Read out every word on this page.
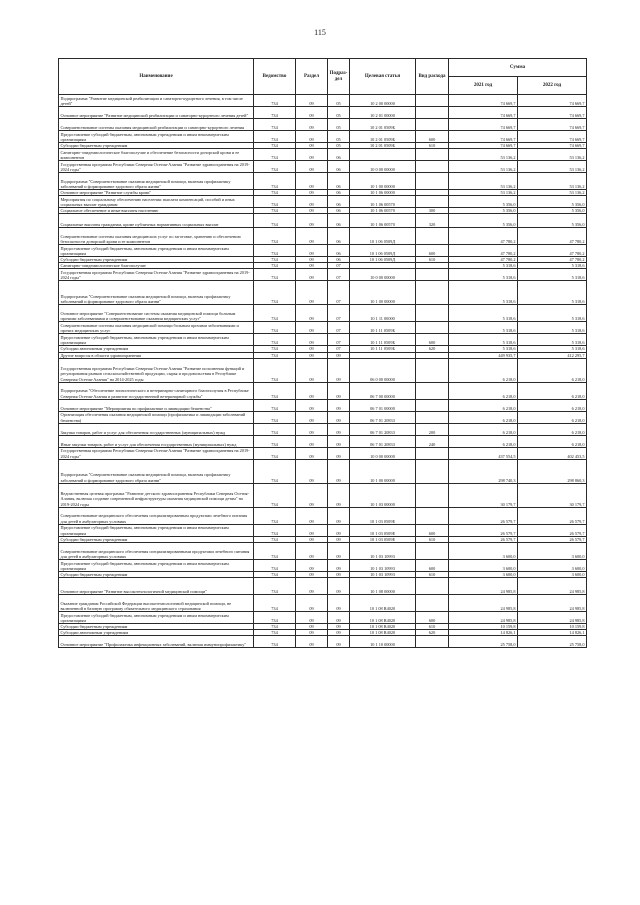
115
Наименование	Ведомство	Раздел	Подраз-дел	Целевая статья	Вид расхода	Сумма	
						2021 год	2022 год
Подпрограмма "Развитие медицинской реабилитации и санаторно-курортного лечения, в том числе детей"	734	09	05	10 2 00 00000		74 669,7	74 669,7
Основное мероприятие "Развитие медицинской реабилитации и санаторно-курортного лечения детей"	734	09	05	10 2 01 00000		74 669,7	74 669,7
Совершенствование системы оказания медицинской реабилитации и санаторно-курортного лечения	734	09	05	10 2 01 0509Б		74 669,7	74 669,7
Предоставление субсидий бюджетным, автономным учреждениям и иным некоммерческим организациям	734	09	05	10 2 01 0509Б	600	74 669,7	74 669,7
Субсидии бюджетным учреждениям	734	09	05	10 2 01 0509Б	610	74 669,7	74 669,7
Санитарно-эпидемиологическое благополучие и обеспечение безопасности донорской крови и ее компонентов	734	09	06			53 136,2	53 136,2
Государственная программа Республики Северная Осетия-Алания "Развитие здравоохранения на 2019-2024 годы"	734	09	06	10 0 00 00000		53 136,2	53 136,2
Подпрограмма "Совершенствование оказания медицинской помощи, включая профилактику заболеваний и формирование здорового образа жизни"	734	09	06	10 1 00 00000		53 136,2	53 136,2
Основное мероприятие "Развитие службы крови"	734	09	06	10 1 06 00000		53 136,2	53 136,2
Мероприятия по социальному обеспечению населения: выплата компенсаций, пособий и иных социальных выплат гражданам	734	09	06	10 1 06 00570		5 356,0	5 356,0
Социальное обеспечение и иные выплаты населению	734	09	06	10 1 06 00570	300	5 356,0	5 356,0
Социальные выплаты гражданам, кроме публичных нормативных социальных выплат	734	09	06	10 1 06 00570	320	5 356,0	5 356,0
Совершенствование системы оказания медицинских услуг по заготовке, хранению и обеспечению безопасности донорской крови и ее компонентов	734	09	06	10 1 06 0509Д		47 780,2	47 780,2
Предоставление субсидий бюджетным, автономным учреждениям и иным некоммерческим организациям	734	09	06	10 1 06 0509Д	600	47 780,2	47 780,2
Субсидии бюджетным учреждениям	734	09	06	10 1 06 0509Д	610	47 780,2	47 780,2
Санитарно-эпидемиологическое благополучие	734	09	07			5 318,6	5 318,6
Государственная программа Республики Северная Осетия-Алания "Развитие здравоохранения на 2019-2024 годы"	734	09	07	10 0 00 00000		5 318,6	5 318,6
Подпрограмма "Совершенствование оказания медицинской помощи, включая профилактику заболеваний и формирование здорового образа жизни"	734	09	07	10 1 00 00000		5 318,6	5 318,6
Основное мероприятие "Совершенствование системы оказания медицинской помощи больным прочими заболеваниями и совершенствование оказания медицинских услуг"	734	09	07	10 1 11 00000		5 318,6	5 318,6
Совершенствование системы оказания медицинской помощи больным прочими заболеваниями и прочих медицинских услуг	734	09	07	10 1 11 0509Б		5 318,6	5 318,6
Предоставление субсидий бюджетным, автономным учреждениям и иным некоммерческим организациям	734	09	07	10 1 11 0509Б	600	5 318,6	5 318,6
Субсидии автономным учреждениям	734	09	07	10 1 11 0509Б	620	5 318,6	5 318,6
Другие вопросы в области здравоохранения	734	09	09			449 935,7	412 295,7
Государственная программа Республики Северная Осетия-Алания "Развитие исполнения функций и регулирования рынков сельскохозяйственной продукции, сырья и продовольствия в Республике Северная Осетия-Алания" на 2014-2025 годы	734	09	09	06 0 00 00000		6 218,0	6 218,0
Подпрограмма "Обеспечение эпизоотического и ветеринарно-санитарного благополучия в Республике Северная Осетия-Алания и развитие государственной ветеринарной службы"	734	09	09	06 7 00 00000		6 218,0	6 218,0
Основное мероприятие "Мероприятия по профилактике и ликвидации бешенства"	734	09	09	06 7 01 00000		6 218,0	6 218,0
Организация обеспечения оказания медицинской помощи (профилактика и ликвидации заболеваний бешенства)	734	09	09	06 7 01 20833		6 218,0	6 218,0
Закупка товаров, работ и услуг для обеспечения государственных (муниципальных) нужд	734	09	09	06 7 01 20833	200	6 218,0	6 218,0
Иные закупки товаров, работ и услуг для обеспечения государственных (муниципальных) нужд	734	09	09	06 7 01 20833	240	6 218,0	6 218,0
Государственная программа Республики Северная Осетия-Алания "Развитие здравоохранения на 2019-2024 годы"	734	09	09	10 0 00 00000		437 554,5	402 453,5
Подпрограмма "Совершенствование оказания медицинской помощи, включая профилактику заболеваний и формирование здорового образа жизни"	734	09	09	10 1 00 00000		298 740,3	298 860,3
Ведомственная целевая программа "Развитие детского здравоохранения Республики Северная Осетия-Алания, включая создание современной инфраструктуры оказания медицинской помощи детям" на 2019-2024 годы	734	09	09	10 1 03 00000		30 179,7	30 179,7
Совершенствование медицинского обеспечения специализированным продуктами лечебного питания для детей в амбулаторных условиях	734	09	09	10 1 03 0509Е		26 579,7	26 579,7
Предоставление субсидий бюджетным, автономным учреждениям и иным некоммерческим организациям	734	09	09	10 1 03 0509Е	600	26 579,7	26 579,7
Субсидии бюджетным учреждениям	734	09	09	10 1 03 0509Е	610	26 579,7	26 579,7
Совершенствование медицинского обеспечения специализированными продуктами лечебного питания для детей в амбулаторных условиях	734	09	09	10 1 03 10993		3 600,0	3 600,0
Предоставление субсидий бюджетным, автономным учреждениям и иным некоммерческим организациям	734	09	09	10 1 03 10993	600	3 600,0	3 600,0
Субсидии бюджетным учреждениям	734	09	09	10 1 03 10993	610	3 600,0	3 600,0
Основное мероприятие "Развитие высокотехнологичной медицинской помощи"	734	09	09	10 1 08 00000		24 985,8	24 985,8
Оказание гражданам Российской Федерации высокотехнологичной медицинской помощи, не включенной в базовую программу обязательного медицинского страхования	734	09	09	10 1 08 R4020		24 985,8	24 985,8
Предоставление субсидий бюджетным, автономным учреждениям и иным некоммерческим организациям	734	09	09	10 1 08 R4020	600	24 985,8	24 985,8
Субсидии бюджетным учреждениям	734	09	09	10 1 08 R4020	610	10 159,8	10 159,8
Субсидии автономным учреждениям	734	09	09	10 1 08 R4020	620	14 826,1	14 826,1
Основное мероприятие "Профилактика инфекционных заболеваний, включая иммунопрофилактику"	734	09	09	10 1 10 00000		25 758,0	25 758,0
